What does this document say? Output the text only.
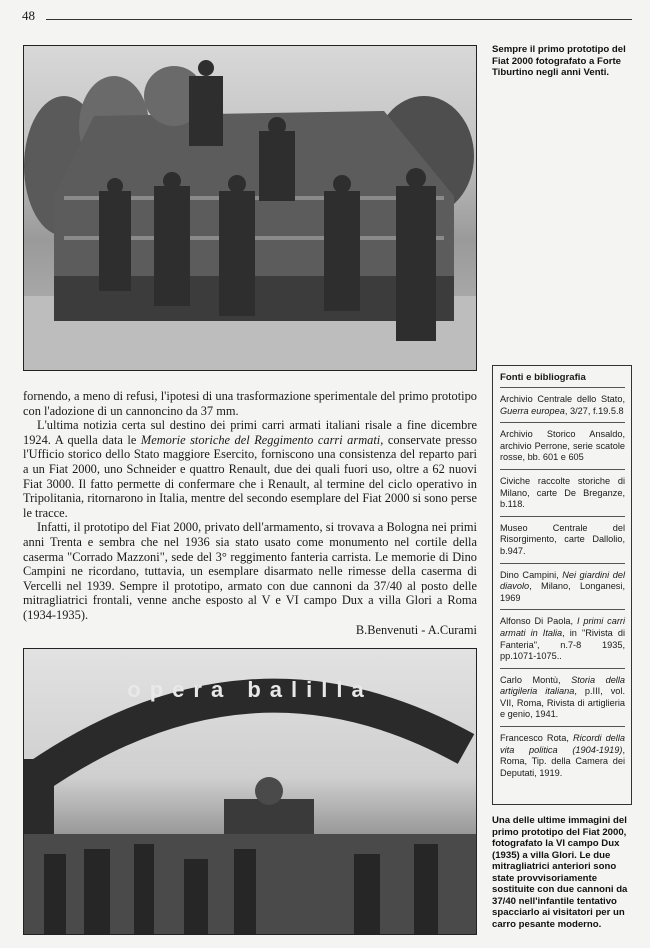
48
Sempre il primo prototipo del Fiat 2000 fotografato a Forte Tiburtino negli anni Venti.

fornendo, a meno di refusi, l'ipotesi di una trasformazione sperimentale del primo prototipo con l'adozione di un cannoncino da 37 mm.

L'ultima notizia certa sul destino dei primi carri armati italiani risale a fine dicembre 1924. A quella data le Memorie storiche del Reggimento carri armati, conservate presso l'Ufficio storico dello Stato maggiore Esercito, forniscono una consistenza del reparto pari a un Fiat 2000, uno Schneider e quattro Renault, due dei quali fuori uso, oltre a 62 nuovi Fiat 3000. Il fatto permette di confermare che i Renault, al termine del ciclo operativo in Tripolitania, ritornarono in Italia, mentre del secondo esemplare del Fiat 2000 si sono perse le tracce.

Infatti, il prototipo del Fiat 2000, privato dell'armamento, si trovava a Bologna nei primi anni Trenta e sembra che nel 1936 sia stato usato come monumento nel cortile della caserma "Corrado Mazzoni", sede del 3° reggimento fanteria carrista. Le memorie di Dino Campini ne ricordano, tuttavia, un esemplare disarmato nelle rimesse della caserma di Vercelli nel 1939. Sempre il prototipo, armato con due cannoni da 37/40 al posto delle mitragliatrici frontali, venne anche esposto al V e VI campo Dux a villa Glori a Roma (1934-1935).

B.Benvenuti - A.Curami

Fonti e bibliografia
Archivio Centrale dello Stato, Guerra europea, 3/27, f.19.5.8
Archivio Storico Ansaldo, archivio Perrone, serie scatole rosse, bb. 601 e 605
Civiche raccolte storiche di Milano, carte De Breganze, b.118.
Museo Centrale del Risorgimento, carte Dallolio, b.947.
Dino Campini, Nei giardini del diavolo, Milano, Longanesi, 1969
Alfonso Di Paola, I primi carri armati in Italia, in "Rivista di Fanteria", n.7-8 1935, pp.1071-1075..
Carlo Montù, Storia della artigileria italiana, p.III, vol. VII, Roma, Rivista di artiglieria e genio, 1941.
Francesco Rota, Ricordi della vita politica (1904-1919), Roma, Tip. della Camera dei Deputati, 1919.
opera balilla
Una delle ultime immagini del primo prototipo del Fiat 2000, fotografato la VI campo Dux (1935) a villa Glori. Le due mitragliatrici anteriori sono state provvisoriamente sostituite con due cannoni da 37/40 nell'infantile tentativo spacciarlo ai visitatori per un carro pesante moderno.
